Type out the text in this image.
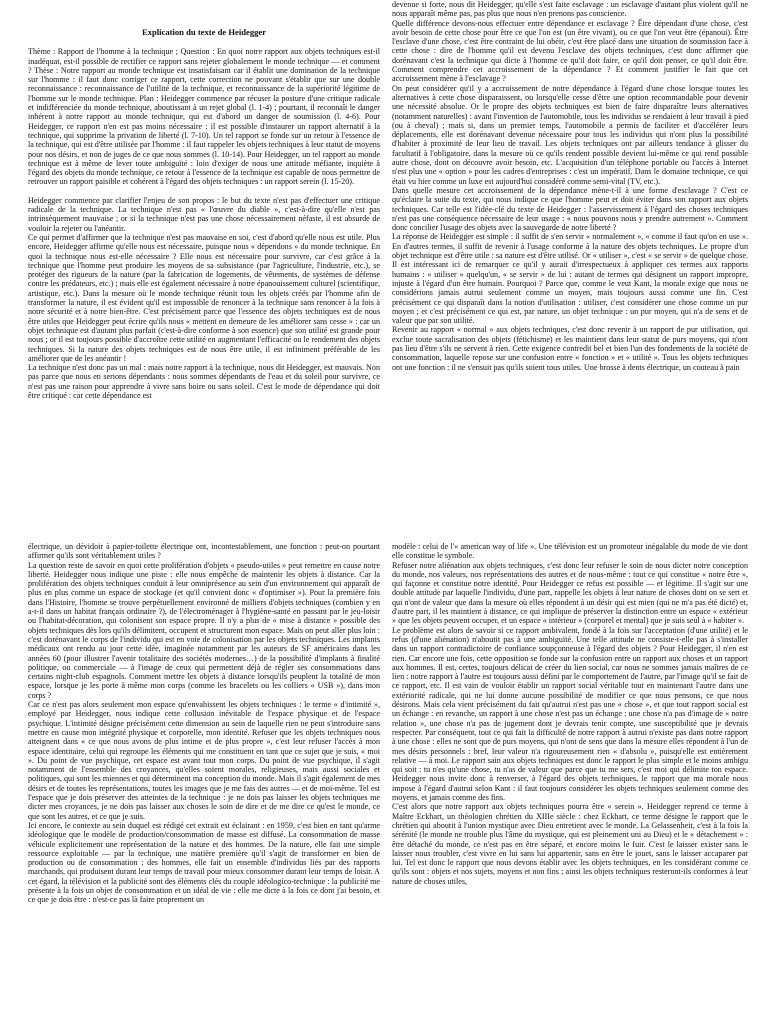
Explication du texte de Heidegger

Thème : Rapport de l'homme à la technique ; Question : En quoi notre rapport aux objets techniques est-il inadéquat, est-il possible de rectifier ce rapport sans rejeter globalement le monde technique — et comment ? Thèse : Notre rapport au monde technique est insatisfaisant car il établit une domination de la technique sur l'homme : il faut donc corriger ce rapport, cette correction ne pouvant s'établir que sur une double reconnaissance : reconnaissance de l'utilité de la technique, et reconnaissance de la supériorité légitime de l'homme sur le monde technique. Plan : Heidegger commence par récuser la posture d'une critique radicale et indifférenciée du monde technique, aboutissant à un rejet global (l. 1-4) ; pourtant, il reconnaît le danger inhérent à notre rapport au monde technique, qui est d'abord un danger de soumission (l. 4-6). Pour Heidegger, ce rapport n'en est pas moins nécessaire : il est possible d'instaurer un rapport alternatif à la technique, qui supprime la privation de liberté (l. 7-10). Un tel rapport se fonde sur un retour à l'essence de la technique, qui est d'être utilisée par l'homme : il faut rappeler les objets techniques à leur statut de moyens pour nos désirs, et non de juges de ce que nous sommes (l. 10-14). Pour Heidegger, un tel rapport au monde technique est à même de lever toute ambiguïté : loin d'exiger de nous une attitude méfiante, inquiète à l'égard des objets du monde technique, ce retour à l'essence de la technique est capable de nous permettre de retrouver un rapport paisible et cohérent à l'égard des objets techniques : un rapport serein (l. 15-20).

Heidegger commence par clarifier l'enjeu de son propos : le but du texte n'est pas d'effectuer une critique radicale de la technique. La technique n'est pas « l'œuvre du diable », c'est-à-dire qu'elle n'est pas intrinsèquement mauvaise ; or si la technique n'est pas une chose nécessairement néfaste, il est absurde de vouloir la rejeter ou l'anéantir.

Ce qui permet d'affirmer que la technique n'est pas mauvaise en soi, c'est d'abord qu'elle nous est utile. Plus encore, Heidegger affirme qu'elle nous est nécessaire, puisque nous « dépendons » du monde technique. En quoi la technique nous est-elle nécessaire ? Elle nous est nécessaire pour survivre, car c'est grâce à la technique que l'homme peut produire les moyens de sa subsistance (par l'agriculture, l'industrie, etc.), se protéger des rigueurs de la nature (par la fabrication de logements, de vêtements, de systèmes de défense contre les prédateurs, etc.) ; mais elle est également nécessaire à notre épanouissement culturel (scientifique, artistique, etc.). Dans la mesure où le monde technique réunit tous les objets créés par l'homme afin de transformer la nature, il est évident qu'il est impossible de renoncer à la technique sans renoncer à la fois à notre sécurité et à notre bien-être. C'est précisément parce que l'essence des objets techniques est de nous être utiles que Heidegger peut écrire qu'ils nous « mettent en demeure de les améliorer sans cesse » : car un objet technique est d'autant plus parfait (c'est-à-dire conforme à son essence) que son utilité est grande pour nous ; or il est toujours possible d'accroître cette utilité en augmentant l'efficacité ou le rendement des objets techniques. Si la nature des objets techniques est de nous être utile, il est infiniment préférable de les améliorer que de les anéantir !

La technique n'est donc pas un mal : mais notre rapport à la technique, nous dit Heidegger, est mauvais. Non pas parce que nous en serions dépendants : nous sommes dépendants de l'eau et du soleil pour survivre, ce n'est pas une raison pour apprendre à vivre sans boire ou sans soleil. C'est le mode de dépendance qui doit être critiqué : car cette dépendance est

devenue si forte, nous dit Heidegger, qu'elle s'est faite esclavage : un esclavage d'autant plus violent qu'il ne nous apparaît même pas, pas plus que nous n'en prenons pas conscience.

Quelle différence devons-nous effectuer entre dépendance et esclavage ? Être dépendant d'une chose, c'est avoir besoin de cette chose pour être ce que l'on est (un être vivant), ou ce que l'on veut être (épanoui). Être l'esclave d'une chose, c'est être contraint de lui obéir, c'est être placé dans une situation de soumission face à cette chose : dire de l'homme qu'il est devenu l'esclave des objets techniques, c'est donc affirmer que dorénavant c'est la technique qui dicte à l'homme ce qu'il doit faire, ce qu'il doit penser, ce qu'il doit être. Comment comprendre cet accroissement de la dépendance ? Et comment justifier le fait que cet accroissement mène à l'esclavage ?

On peut considérer qu'il y a accroissement de notre dépendance à l'égard d'une chose lorsque toutes les alternatives à cette chose disparaissent, ou lorsqu'elle cesse d'être une option recommandable pour devenir une nécessité absolue. Or le propre des objets techniques est bien de faire disparaître leurs alternatives (notamment naturelles) : avant l'invention de l'automobile, tous les individus se rendaient à leur travail à pied (ou à cheval) ; mais si, dans un premier temps, l'automobile a permis de faciliter et d'accélérer leurs déplacements, elle est dorénavant devenue nécessaire pour tous les individus qui n'ont plus la possibilité d'habiter à proximité de leur lieu de travail. Les objets techniques ont par ailleurs tendance à glisser du facultatif à l'obligatoire, dans la mesure où ce qu'ils rendent possible devient lui-même ce qui rend possible autre chose, dont on découvre avoir besoin, etc. L'acquisition d'un téléphone portable ou l'accès à Internet n'est plus une « option » pour les cadres d'entreprises : c'est un impératif. Dans le domaine technique, ce qui était vu hier comme un luxe est aujourd'hui considéré comme semi-vital (TV, etc.).

Dans quelle mesure cet accroissement de la dépendance mène-t-il à une forme d'esclavage ? C'est ce qu'éclaire la suite du texte, qui nous indique ce que l'homme peut et doit éviter dans son rapport aux objets techniques. Car telle est l'idée-clé du texte de Heidegger : l'asservissement à l'égard des choses techniques n'est pas une conséquence nécessaire de leur usage : « nous pouvons nous y prendre autrement ». Comment donc concilier l'usage des objets avec la sauvegarde de notre liberté ?

La réponse de Heidegger est simple : il suffit de s'en servir « normalement », « comme il faut qu'on en use ». En d'autres termes, il suffit de revenir à l'usage conforme à la nature des objets techniques. Le propre d'un objet technique est d'être utile : sa nature est d'être utilisé. Or « utiliser », c'est « se servir » de quelque chose. Il est intéressant ici de remarquer ce qu'il y aurait d'irrespectueux à appliquer ces termes aux rapports humains : « utiliser » quelqu'un, « se servir » de lui : autant de termes qui désignent un rapport impropre, injuste à l'égard d'un être humain. Pourquoi ? Parce que, comme le veut Kant, la morale exige que nous ne considérions jamais autrui seulement comme un moyen, mais toujours aussi comme une fin. C'est précisément ce qui disparaît dans la notion d'utilisation : utiliser, c'est considérer une chose comme un pur moyen ; et c'est précisément ce qui est, par nature, un objet technique : un pur moyen, qui n'a de sens et de valeur que par son utilité.

Revenir au rapport « normal » aux objets techniques, c'est donc revenir à un rapport de pur utilisation, qui exclue toute sacralisation des objets (fétichisme) et les maintient dans leur statut de purs moyens, qui n'ont pas lieu d'être s'ils ne servent à rien. Cette exigence contredit bel et bien l'un des fondements de la société de consommation, laquelle repose sur une confusion entre « fonction » et « utilité ». Tous les objets techniques ont une fonction : il ne s'ensuit pas qu'ils soient tous utiles. Une brosse à dents électrique, un couteau à pain

électrique, un dévidoir à papier-toilette électrique ont, incontestablement, une fonction : peut-on pourtant affirmer qu'ils sont véritablement utiles ?

La question reste de savoir en quoi cette prolifération d'objets « pseudo-utiles » peut remettre en cause notre liberté. Heidegger nous indique une piste : elle nous empêche de maintenir les objets à distance. Car la prolifération des objets techniques conduit à leur omniprésence au sein d'un environnement qui apparaît de plus en plus comme un espace de stockage (et qu'il convient donc « d'optimiser »). Pour la première fois dans l'Histoire, l'homme se trouve perpétuellement environné de milliers d'objets techniques (combien y en a-t-il dans un habitat français ordinaire ?), de l'électroménager à l'hygiène-santé en passant par le jeu-loisir ou l'habitat-décoration, qui colonisent son espace propre. Il n'y a plus de « mise à distance » possible des objets techniques dès lors qu'ils délimitent, occupent et structurent mon espace. Mais on peut aller plus loin : c'est dorénavant le corps de l'individu qui est en voie de colonisation par les objets techniques. Les implants médicaux ont rendu au jour cette idée, imaginée notamment par les auteurs de SF américains dans les années 60 (pour illustrer l'avenir totalitaire des sociétés modernes…) de la possibilité d'implants à finalité politique, ou commerciale — à l'image de ceux qui permettent déjà de régler ses consommations dans certains night-club espagnols. Comment mettre les objets à distance lorsqu'ils peuplent la totalité de mon espace, lorsque je les porte à même mon corps (comme les bracelets ou les colliers « USB »), dans mon corps ?

Car ce n'est pas alors seulement mon espace qu'envahissent les objets techniques : le terme « d'intimité », employé par Heidegger, nous indique cette collusion inévitable de l'espace physique et de l'espace psychique. L'intimité désigne précisément cette dimension au sein de laquelle rien ne peut s'introduire sans mettre en cause mon intégrité physique et corporelle, mon identité. Refuser que les objets techniques nous atteignent dans « ce que nous avons de plus intime et de plus propre », c'est leur refuser l'accès à mon espace identitaire, celui qui regroupe les éléments qui me constituent en tant que ce sujet que je suis, « moi ». Du point de vue psychique, cet espace est avant tout mon corps. Du point de vue psychique, il s'agit notamment de l'ensemble des croyances, qu'elles soient morales, religieuses, mais aussi sociales et politiques, qui sont les miennes et qui déterminent ma conception du monde. Mais il s'agit également de mes désirs et de toutes les représentations, toutes les images que je me fais des autres — et de moi-même. Tel est l'espace que je dois préserver des atteintes de la technique : je ne dois pas laisser les objets techniques me dicter mes croyances, je ne dois pas laisser aux choses le soin de dire et de me dire ce qu'est le monde, ce que sont les autres, et ce que je suis.

Ici encore, le contexte au sein duquel est rédigé cet extrait est éclairant : en 1959, c'est bien en tant qu'arme idéologique que le modèle de production/consommation de masse est diffusé. La consommation de masse véhicule explicitement une représentation de la nature et des hommes. De la nature, elle fait une simple ressource exploitable — par la technique, une matière première qu'il s'agit de transformer en bien de production ou de consommation ; des hommes, elle fait un ensemble d'individus liés par des rapports marchands, qui produisent durant leur temps de travail pour mieux consommer durant leur temps de loisir. A cet égard, la télévision et la publicité sont des éléments clés du couple idéologico-technique : la publicité me présente à la fois un objet de consommation et un idéal de vie : elle me dicte à la fois ce dont j'ai besoin, et ce que je dois être : n'est-ce pas là faire proprement un

modèle : celui de l'« american way of life ». Une télévision est un promoteur inégalable du mode de vie dont elle constitue le symbole.

Refuser notre aliénation aux objets techniques, c'est donc leur refuser le soin de nous dicter notre conception du monde, nos valeurs, nos représentations des autres et de nous-même : tout ce qui constitue « notre être », qui façonne et constitue notre identité. Pour Heidegger ce refus est possible — et légitime. Il s'agit sur une double attitude par laquelle l'individu, d'une part, rappelle les objets à leur nature de choses dont on se sert et qui n'ont de valeur que dans la mesure où elles répondent à un désir qui est mien (qui ne m'a pas été dicté) et, d'autre part, il les maintient à distance, ce qui implique de préserver la distinction entre un espace « extérieur » que les objets peuvent occuper, et un espace « intérieur » (corporel et mental) que je suis seul à « habiter ».

Le problème est alors de savoir si ce rapport ambivalent, fondé à la fois sur l'acceptation (d'une utilité) et le refus (d'une aliénation) n'aboutit pas à une ambiguïté. Une telle attitude ne consiste-t-elle pas à s'installer dans un rapport contradictoire de confiance soupçonneuse à l'égard des objets ? Pour Heidegger, il n'en est rien. Car encore une fois, cette opposition se fonde sur la confusion entre un rapport aux choses et un rapport aux hommes. Il est, certes, toujours délicat de créer du lien social, car nous ne sommes jamais maîtres de ce lien : notre rapport à l'autre est toujours aussi défini par le comportement de l'autre, par l'image qu'il se fait de ce rapport, etc. Il est vain de vouloir établir un rapport social véritable tout en maintenant l'autre dans une extériorité radicale, qui ne lui donne aucune possibilité de modifier ce que nous pensons, ce que nous désirons. Mais cela vient précisément du fait qu'autrui n'est pas une « chose », et que tout rapport social est un échange : en revanche, un rapport à une chose n'est pas un échange : une chose n'a pas d'image de « notre relation », une chose n'a pas de jugement dont je devrais tenir compte, une susceptibilité que je devrais respecter. Par conséquent, tout ce qui fait la difficulté de notre rapport à autrui n'existe pas dans notre rapport à une chose : elles ne sont que de purs moyens, qui n'ont de sens que dans la mesure elles répondent à l'un de mes désirs personnels : bref, leur valeur n'a rigoureusement rien « d'absolu », puisqu'elle est entièrement relative — à moi. Le rapport sain aux objets techniques est donc le rapport le plus simple et le moins ambigu qui soit : tu n'es qu'une chose, tu n'as de valeur que parce que tu me sers, c'est moi qui délimite ton espace. Heidegger nous invite donc à renverser, à l'égard des objets techniques, le rapport que ma morale nous impose à l'égard d'autrui selon Kant : il faut toujours considérer les objets techniques seulement comme des moyens, et jamais comme des fins.

C'est alors que notre rapport aux objets techniques pourra être « serein ». Heidegger reprend ce terme à Maître Eckhart, un théologien chrétien du XIIIe siècle : chez Eckhart, ce terme désigne le rapport que le chrétien qui aboutit à l'union mystique avec Dieu entretient avec le monde. La Gelassenheit, c'est à la fois la sérénité (le monde ne trouble plus l'âme du mystique, qui est pleinement uni au Dieu) et le « détachement » : être détaché du monde, ce n'est pas en être séparé, et encore moins le fuir. C'est le laisser exister sans le laisser nous troubler, c'est vivre en lui sans lui appartenir, sans en être le jouet, sans le laisser accaparer par lui. Tel est donc le rapport que nous devons établir avec les objets techniques, en les considérant comme ce qu'ils sont : objets et nos sujets, moyens et non fins ; ainsi les objets techniques resteront-ils conformes à leur nature de choses utiles,
